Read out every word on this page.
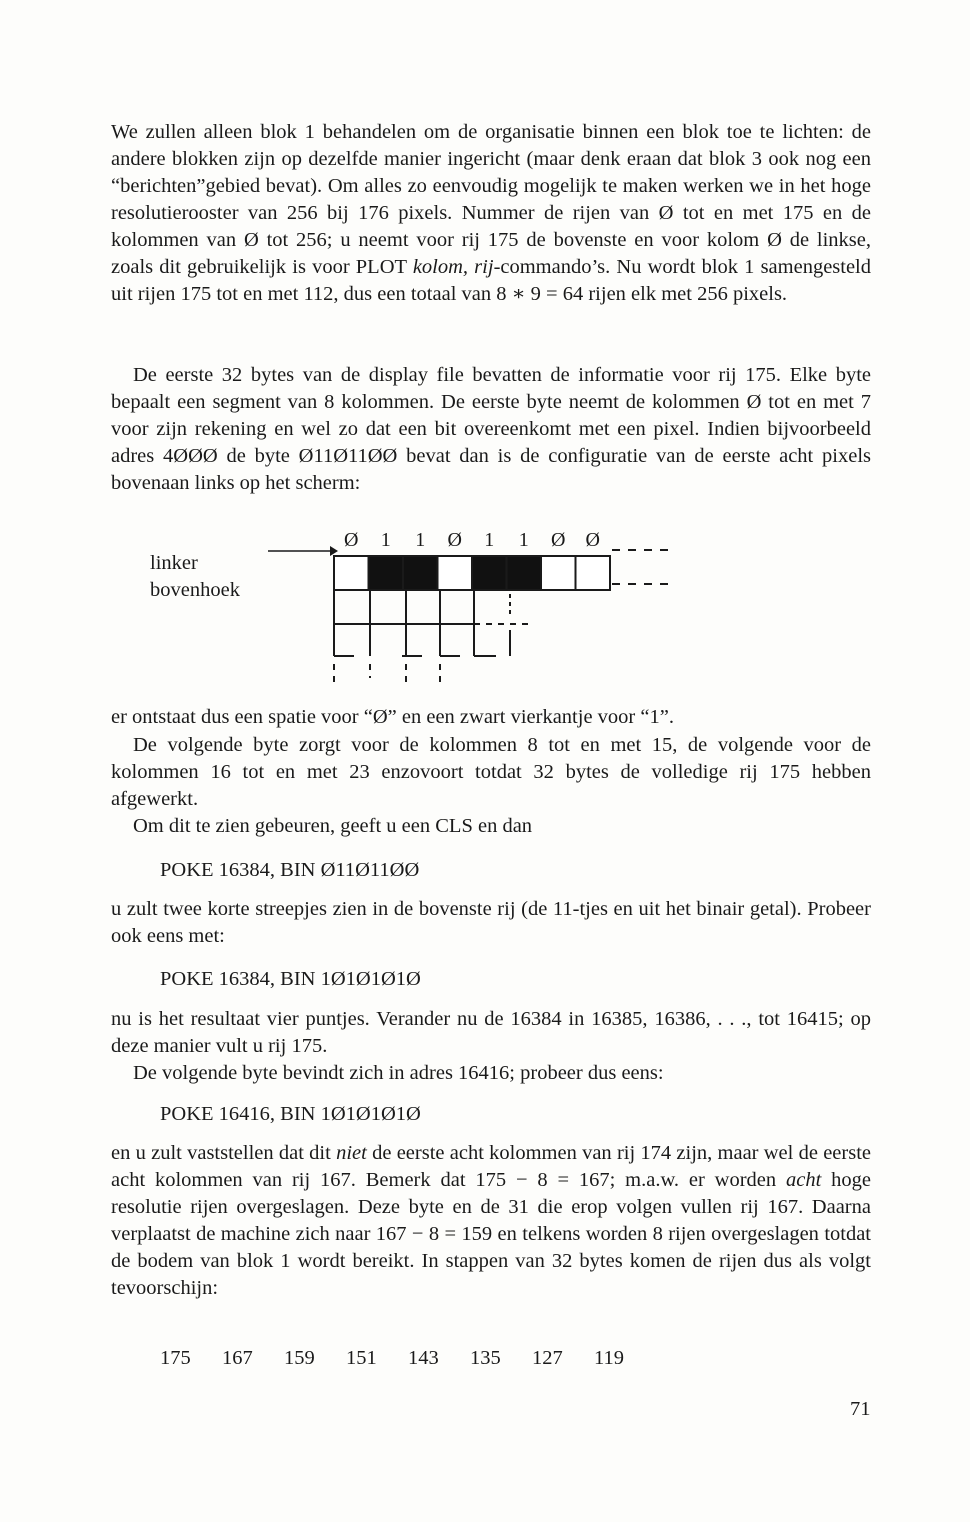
We zullen alleen blok 1 behandelen om de organisatie binnen een blok toe te lichten: de andere blokken zijn op dezelfde manier ingericht (maar denk eraan dat blok 3 ook nog een “berichten”gebied bevat). Om alles zo eenvoudig mogelijk te maken werken we in het hoge resolutierooster van 256 bij 176 pixels. Nummer de rijen van Ø tot en met 175 en de kolommen van Ø tot 256; u neemt voor rij 175 de bovenste en voor kolom Ø de linkse, zoals dit gebruikelijk is voor PLOT kolom, rij-commando’s. Nu wordt blok 1 samengesteld uit rijen 175 tot en met 112, dus een totaal van 8 ∗ 9 = 64 rijen elk met 256 pixels.

De eerste 32 bytes van de display file bevatten de informatie voor rij 175. Elke byte bepaalt een segment van 8 kolommen. De eerste byte neemt de kolommen Ø tot en met 7 voor zijn rekening en wel zo dat een bit overeenkomt met een pixel. Indien bijvoorbeeld adres 4ØØØ de byte Ø11Ø11ØØ bevat dan is de configuratie van de eerste acht pixels bovenaan links op het scherm:

linker
bovenhoek
Ø 1 1 Ø 1 1 Ø Ø

er ontstaat dus een spatie voor “Ø” en een zwart vierkantje voor “1”.

De volgende byte zorgt voor de kolommen 8 tot en met 15, de volgende voor de kolommen 16 tot en met 23 enzovoort totdat 32 bytes de volledige rij 175 hebben afgewerkt.

Om dit te zien gebeuren, geeft u een CLS en dan

POKE 16384, BIN Ø11Ø11ØØ

u zult twee korte streepjes zien in de bovenste rij (de 11-tjes en uit het binair getal). Probeer ook eens met:

POKE 16384, BIN 1Ø1Ø1Ø1Ø

nu is het resultaat vier puntjes. Verander nu de 16384 in 16385, 16386, . . ., tot 16415; op deze manier vult u rij 175.

De volgende byte bevindt zich in adres 16416; probeer dus eens:

POKE 16416, BIN 1Ø1Ø1Ø1Ø

en u zult vaststellen dat dit niet de eerste acht kolommen van rij 174 zijn, maar wel de eerste acht kolommen van rij 167. Bemerk dat 175 − 8 = 167; m.a.w. er worden acht hoge resolutie rijen overgeslagen. Deze byte en de 31 die erop volgen vullen rij 167. Daarna verplaatst de machine zich naar 167 − 8 = 159 en telkens worden 8 rijen overgeslagen totdat de bodem van blok 1 wordt bereikt. In stappen van 32 bytes komen de rijen dus als volgt tevoorschijn:

175	167	159	151	143	135	127	119
71
